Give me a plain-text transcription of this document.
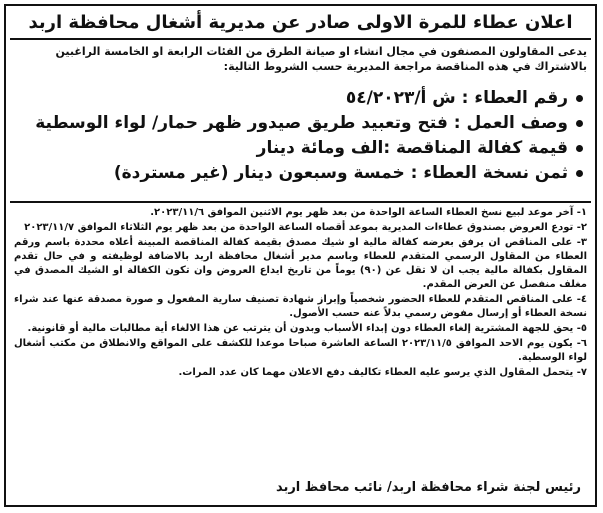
اعلان عطاء للمرة الاولى صادر عن مديرية أشغال محافظة اربد
يدعى المقاولون المصنفون في مجال انشاء او صيانة الطرق من الفئات الرابعة او الخامسة الراغبين بالاشتراك في هذه المناقصة مراجعة المديرية حسب الشروط التالية:
رقم العطاء : ش أ/٥٤/٢٠٢٣
وصف العمل : فتح وتعبيد طريق صيدور ظهر حمار/ لواء الوسطية
قيمة كفالة المناقصة :الف ومائة دينار
ثمن نسخة العطاء : خمسة وسبعون دينار (غير مستردة)
١- آخر موعد لبيع نسخ العطاء الساعة الواحدة من بعد ظهر يوم الاثنين الموافق ٢٠٢٣/١١/٦.
٢- تودع العروض بصندوق عطاءات المديرية بموعد أقصاه الساعة الواحدة من بعد ظهر يوم الثلاثاء الموافق ٢٠٢٣/١١/٧
٣- على المناقص ان يرفق بعرضه كفالة مالية او شيك مصدق بقيمة كفالة المناقصة المبينة أعلاه محددة باسم ورقم العطاء من المقاول الرسمي المتقدم للعطاء وباسم مدير أشغال محافظة اربد بالاضافة لوظيفته و في حال تقدم المقاول بكفالة مالية يجب ان لا تقل عن (٩٠) يوماً من تاريخ ايداع العروض وان تكون الكفالة او الشيك المصدق في مغلف منفصل عن العرض المقدم.
٤- على المناقص المتقدم للعطاء الحضور شخصياً وإبراز شهادة تصنيف سارية المفعول و صورة مصدقة عنها عند شراء نسخة العطاء أو إرسال مفوض رسمي بدلاً عنه حسب الأصول.
٥- يحق للجهة المشترية إلغاء العطاء دون إبداء الأسباب وبدون أن يترتب عن هذا الالغاء أية مطالبات مالية أو قانونية.
٦- يكون يوم الاحد الموافق ٢٠٢٣/١١/٥ الساعة العاشرة صباحا موعدا للكشف على المواقع والانطلاق من مكتب أشغال لواء الوسطية.
٧- يتحمل المقاول الذي يرسو عليه العطاء تكاليف دفع الاعلان مهما كان عدد المرات.
رئيس لجنة شراء محافظة اربد/ نائب محافظ اربد
